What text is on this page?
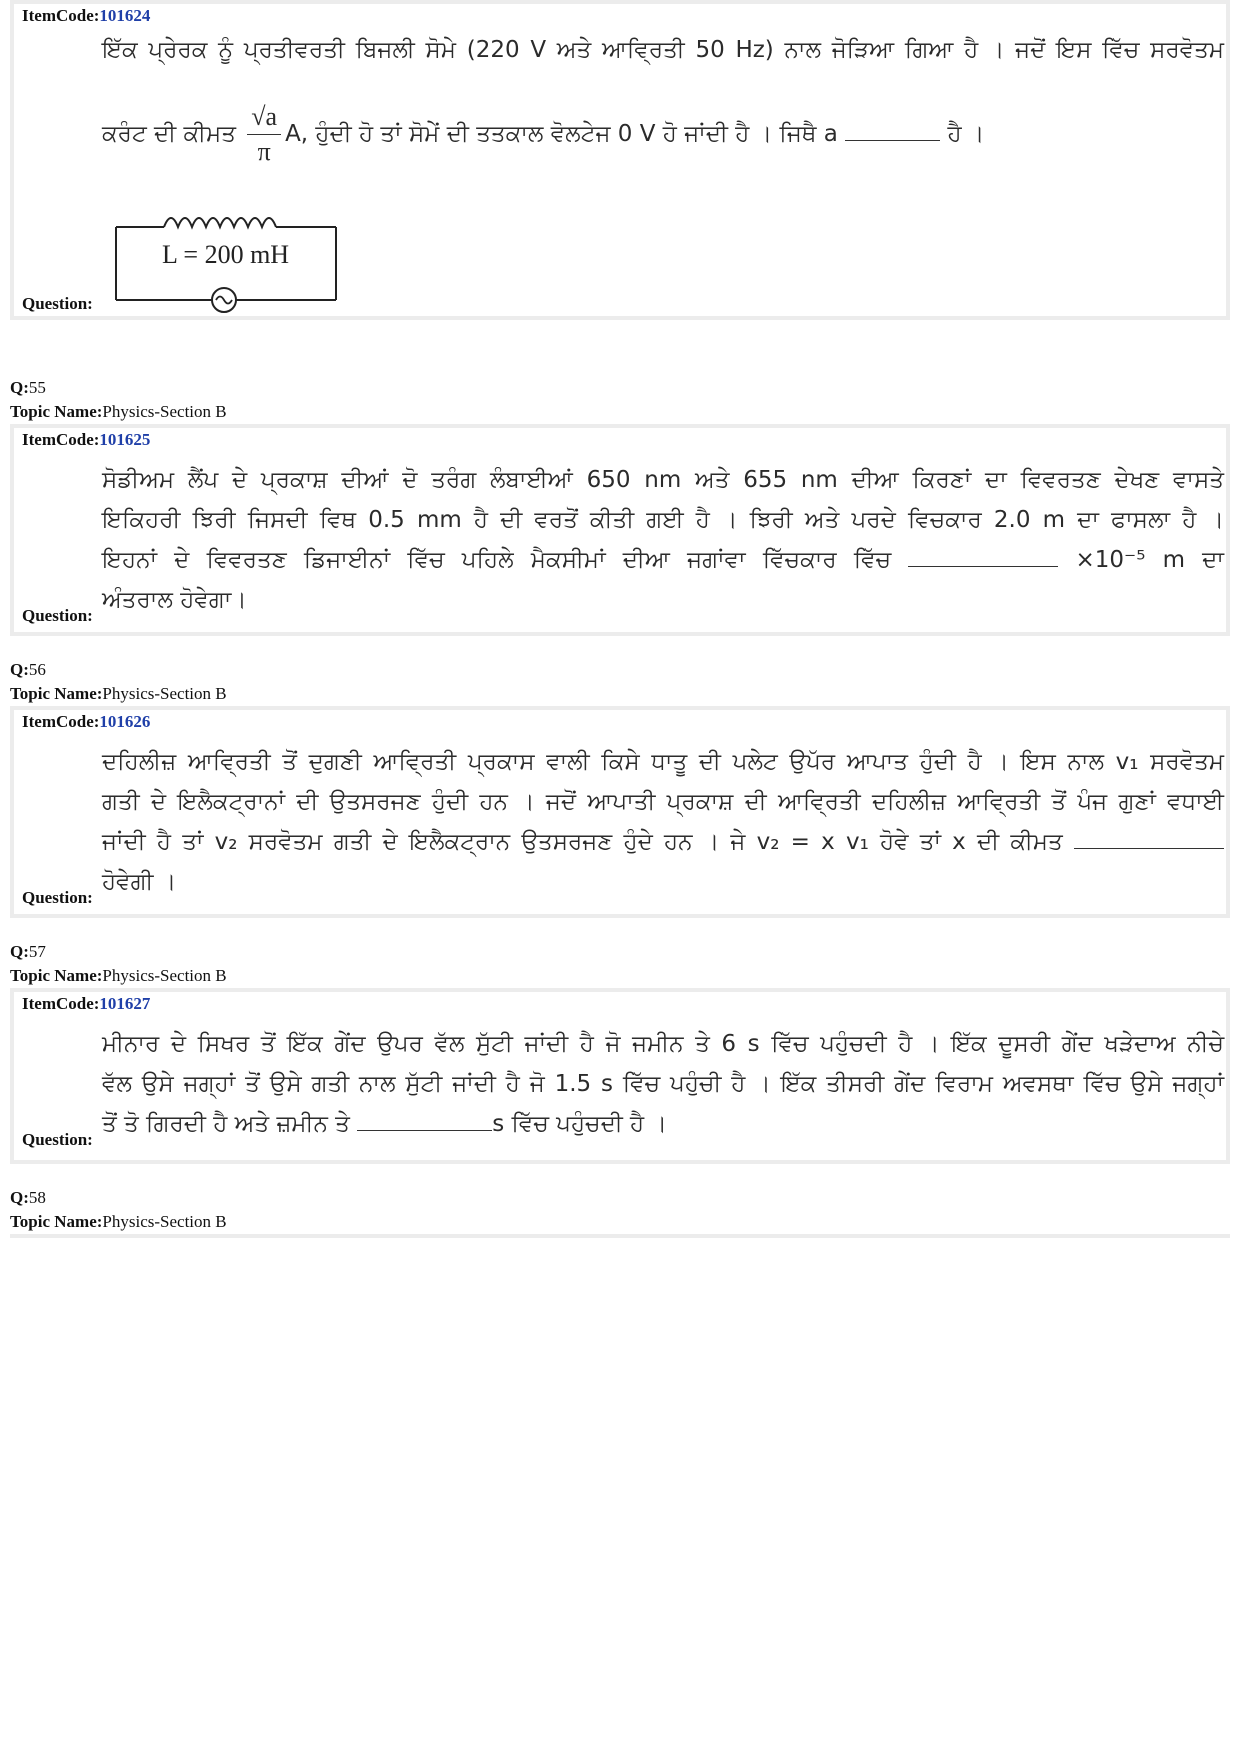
ItemCode:101624
ਇੱਕ ਪ੍ਰੇਰਕ ਨੂੰ ਪ੍ਰਤੀਵਰਤੀ ਬਿਜਲੀ ਸੋਮੇ (220 V ਅਤੇ ਆਵ੍ਰਿਤੀ 50 Hz) ਨਾਲ ਜੋੜਿਆ ਗਿਆ ਹੈ । ਜਦੋਂ ਇਸ ਵਿੱਚ ਸਰਵੋਤਮ
ਕਰੰਟ ਦੀ ਕੀਮਤ $\frac{√a}{\pi} A$, ਹੁੰਦੀ ਹੋ ਤਾਂ ਸੋਮੇਂ ਦੀ ਤਤਕਾਲ ਵੋਲਟੇਜ 0 V ਹੋ ਜਾਂਦੀ ਹੈ । ਜਿਥੈ a	ਹੈ ।
L = 200 mH
Question:
Q:55
Topic Name:Physics-Section B
ItemCode:101625
ਸੋਡੀਅਮ ਲੈਂਪ ਦੇ ਪ੍ਰਕਾਸ਼ ਦੀਆਂ ਦੋ ਤਰੰਗ ਲੰਬਾਈਆਂ 650 nm ਅਤੇ 655 nm ਦੀਆ ਕਿਰਣਾਂ ਦਾ ਵਿਵਰਤਣ ਦੇਖਣ ਵਾਸਤੇ
ਇਕਿਹਰੀ ਝਿਰੀ ਜਿਸਦੀ ਵਿਥ 0.5 mm ਹੈ ਦੀ ਵਰਤੋਂ ਕੀਤੀ ਗਈ ਹੈ । ਝਿਰੀ ਅਤੇ ਪਰਦੇ ਵਿਚਕਾਰ 2.0 m ਦਾ ਫਾਸਲਾ ਹੈ ।
ਇਹਨਾਂ ਦੇ ਵਿਵਰਤਣ ਡਿਜਾਈਨਾਂ ਵਿੱਚ ਪਹਿਲੇ ਮੈਕਸੀਮਾਂ ਦੀਆ ਜਗਾਂਵਾ ਵਿੱਚਕਾਰ ਵਿੱਚ	×10⁻⁵ m ਦਾ
ਅੰਤਰਾਲ ਹੋਵੇਗਾ।
Question:
Q:56
Topic Name:Physics-Section B
ItemCode:101626
ਦਹਿਲੀਜ਼ ਆਵ੍ਰਿਤੀ ਤੋਂ ਦੁਗਣੀ ਆਵ੍ਰਿਤੀ ਪ੍ਰਕਾਸ ਵਾਲੀ ਕਿਸੇ ਧਾਤੂ ਦੀ ਪਲੇਟ ਉਪੱਰ ਆਪਾਤ ਹੁੰਦੀ ਹੈ । ਇਸ ਨਾਲ v₁ ਸਰਵੋਤਮ
ਗਤੀ ਦੇ ਇਲੈਕਟ੍ਰਾਨਾਂ ਦੀ ਉਤਸਰਜਣ ਹੁੰਦੀ ਹਨ । ਜਦੋਂ ਆਪਾਤੀ ਪ੍ਰਕਾਸ਼ ਦੀ ਆਵ੍ਰਿਤੀ ਦਹਿਲੀਜ਼ ਆਵ੍ਰਿਤੀ ਤੋਂ ਪੰਜ ਗੁਣਾਂ ਵਧਾਈ
ਜਾਂਦੀ ਹੈ ਤਾਂ v₂ ਸਰਵੋਤਮ ਗਤੀ ਦੇ ਇਲੈਕਟ੍ਰਾਨ ਉਤਸਰਜਣ ਹੁੰਦੇ ਹਨ । ਜੇ v₂ = x v₁ ਹੋਵੇ ਤਾਂ x ਦੀ ਕੀਮਤ
ਹੋਵੇਗੀ ।
Question:
Q:57
Topic Name:Physics-Section B
ItemCode:101627
ਮੀਨਾਰ ਦੇ ਸਿਖਰ ਤੋਂ ਇੱਕ ਗੇਂਦ ਉਪਰ ਵੱਲ ਸੁੱਟੀ ਜਾਂਦੀ ਹੈ ਜੋ ਜਮੀਨ ਤੇ 6 s ਵਿੱਚ ਪਹੁੰਚਦੀ ਹੈ । ਇੱਕ ਦੂਸਰੀ ਗੇਂਦ ਖੜੇਦਾਅ ਨੀਚੇ
ਵੱਲ ਉਸੇ ਜਗ੍ਹਾਂ ਤੋਂ ਉਸੇ ਗਤੀ ਨਾਲ ਸੁੱਟੀ ਜਾਂਦੀ ਹੈ ਜੋ 1.5 s ਵਿੱਚ ਪਹੁੰਚੀ ਹੈ । ਇੱਕ ਤੀਸਰੀ ਗੇਂਦ ਵਿਰਾਮ ਅਵਸਥਾ ਵਿੱਚ ਉਸੇ ਜਗ੍ਹਾਂ
ਤੋਂ ਤੋ ਗਿਰਦੀ ਹੈ ਅਤੇ ਜ਼ਮੀਨ ਤੇ	s ਵਿੱਚ ਪਹੁੰਚਦੀ ਹੈ ।
Question:
Q:58
Topic Name:Physics-Section B
